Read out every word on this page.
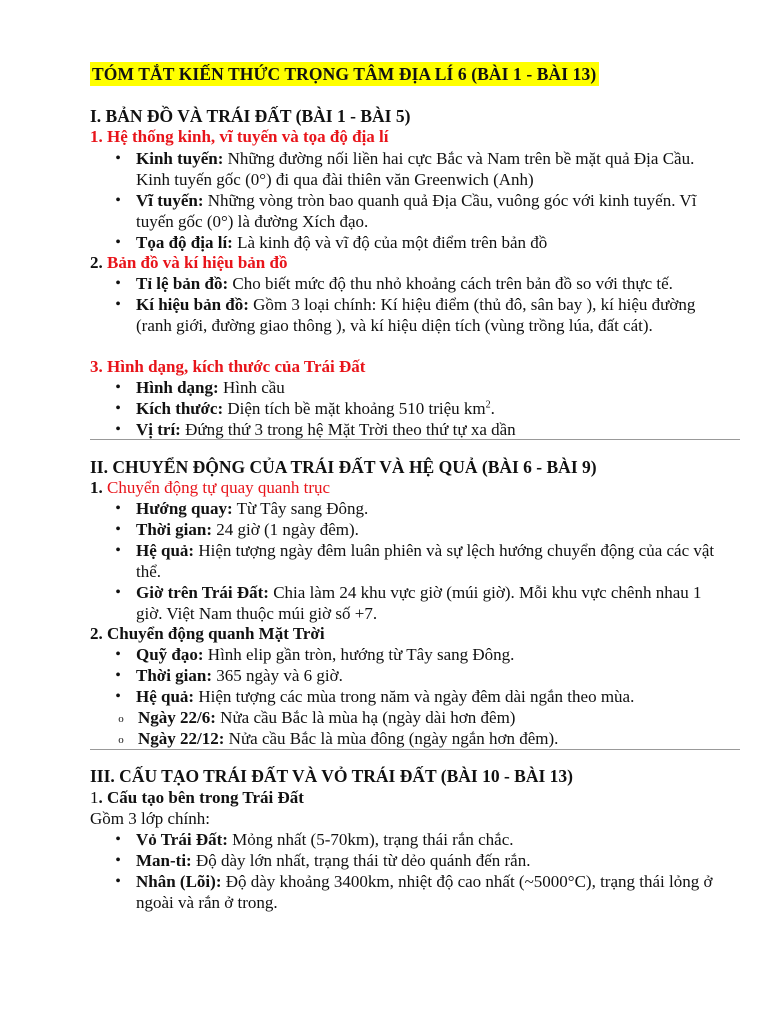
TÓM TẮT KIẾN THỨC TRỌNG TÂM ĐỊA LÍ 6 (BÀI 1 - BÀI 13)
I. BẢN ĐỒ VÀ TRÁI ĐẤT (BÀI 1 - BÀI 5)
1. Hệ thống kinh, vĩ tuyến và tọa độ địa lí
• Kinh tuyến: Những đường nối liền hai cực Bắc và Nam trên bề mặt quả Địa Cầu. Kinh tuyến gốc (0°) đi qua đài thiên văn Greenwich (Anh)
• Vĩ tuyến: Những vòng tròn bao quanh quả Địa Cầu, vuông góc với kinh tuyến. Vĩ tuyến gốc (0°) là đường Xích đạo.
• Tọa độ địa lí: Là kinh độ và vĩ độ của một điểm trên bản đồ
2. Bản đồ và kí hiệu bản đồ
• Tỉ lệ bản đồ: Cho biết mức độ thu nhỏ khoảng cách trên bản đồ so với thực tế.
• Kí hiệu bản đồ: Gồm 3 loại chính: Kí hiệu điểm (thủ đô, sân bay ), kí hiệu đường (ranh giới, đường giao thông ), và kí hiệu diện tích (vùng trồng lúa, đất cát).
3. Hình dạng, kích thước của Trái Đất
• Hình dạng: Hình cầu
• Kích thước: Diện tích bề mặt khoảng 510 triệu $km^2$.
• Vị trí: Đứng thứ 3 trong hệ Mặt Trời theo thứ tự xa dần
II. CHUYỂN ĐỘNG CỦA TRÁI ĐẤT VÀ HỆ QUẢ (BÀI 6 - BÀI 9)
1. Chuyển động tự quay quanh trục
• Hướng quay: Từ Tây sang Đông.
• Thời gian: 24 giờ (1 ngày đêm).
• Hệ quả: Hiện tượng ngày đêm luân phiên và sự lệch hướng chuyển động của các vật thể.
• Giờ trên Trái Đất: Chia làm 24 khu vực giờ (múi giờ). Mỗi khu vực chênh nhau 1 giờ. Việt Nam thuộc múi giờ số +7.
2. Chuyển động quanh Mặt Trời
• Quỹ đạo: Hình elip gần tròn, hướng từ Tây sang Đông.
• Thời gian: 365 ngày và 6 giờ.
• Hệ quả: Hiện tượng các mùa trong năm và ngày đêm dài ngắn theo mùa.
o Ngày 22/6: Nửa cầu Bắc là mùa hạ (ngày dài hơn đêm)
o Ngày 22/12: Nửa cầu Bắc là mùa đông (ngày ngắn hơn đêm).
III. CẤU TẠO TRÁI ĐẤT VÀ VỎ TRÁI ĐẤT (BÀI 10 - BÀI 13)
1. Cấu tạo bên trong Trái Đất
Gồm 3 lớp chính:
• Vỏ Trái Đất: Mỏng nhất (5-70km), trạng thái rắn chắc.
• Man-ti: Độ dày lớn nhất, trạng thái từ dẻo quánh đến rắn.
• Nhân (Lõi): Độ dày khoảng 3400km, nhiệt độ cao nhất (~5000°C), trạng thái lỏng ở ngoài và rắn ở trong.
